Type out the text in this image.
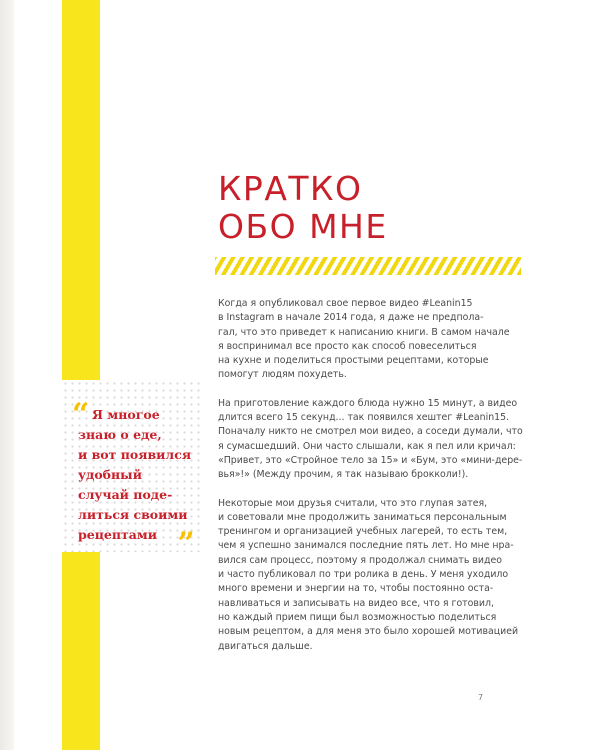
КРАТКО
ОБО МНЕ
“
„
Я многое
знаю о еде,
и вот появился
удобный
случай поде-
литься своими
рецептами

Когда я опубликовал свое первое видео #Leanin15
в Instagram в начале 2014 года, я даже не предпола-
гал, что это приведет к написанию книги. В самом начале
я воспринимал все просто как способ повеселиться
на кухне и поделиться простыми рецептами, которые
помогут людям похудеть.

На приготовление каждого блюда нужно 15 минут, а видео
длится всего 15 секунд... так появился хештег #Leanin15.
Поначалу никто не смотрел мои видео, а соседи думали, что
я сумасшедший. Они часто слышали, как я пел или кричал:
«Привет, это «Стройное тело за 15» и «Бум, это «мини-дере-
вья»!» (Между прочим, я так называю брокколи!).

Некоторые мои друзья считали, что это глупая затея,
и советовали мне продолжить заниматься персональным
тренингом и организацией учебных лагерей, то есть тем,
чем я успешно занимался последние пять лет. Но мне нра-
вился сам процесс, поэтому я продолжал снимать видео
и часто публиковал по три ролика в день. У меня уходило
много времени и энергии на то, чтобы постоянно оста-
навливаться и записывать на видео все, что я готовил,
но каждый прием пищи был возможностью поделиться
новым рецептом, а для меня это было хорошей мотивацией
двигаться дальше.

7
